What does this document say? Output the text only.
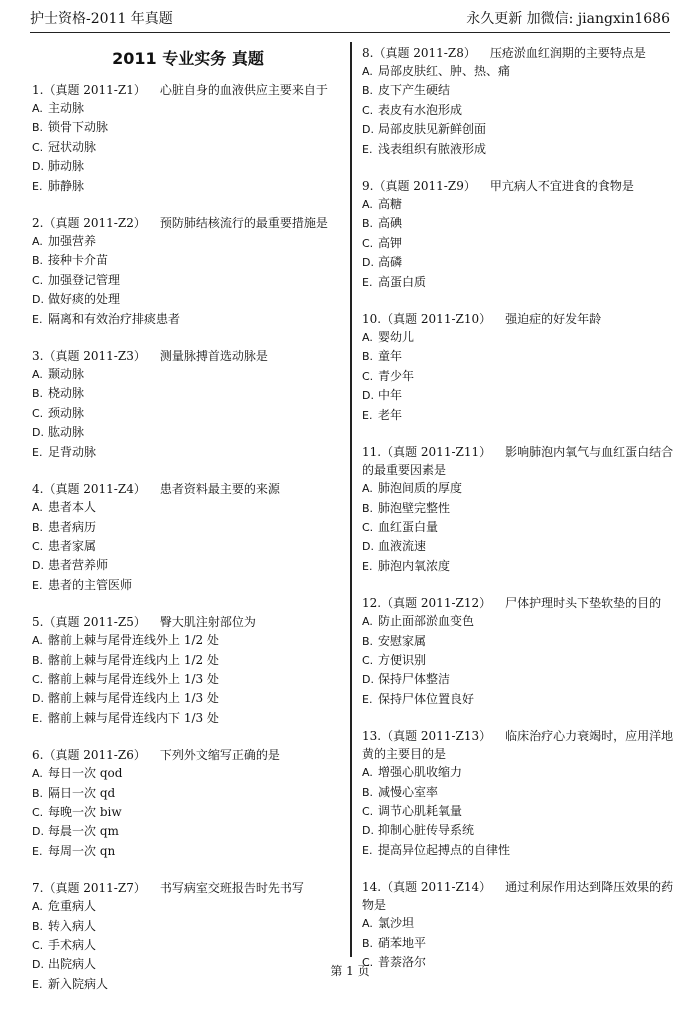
护士资格-2011 年真题	永久更新 加微信: jiangxin1686
2011 专业实务 真题
1.（真题 2011-Z1） 心脏自身的血液供应主要来自于
A. 主动脉
B. 锁骨下动脉
C. 冠状动脉
D. 肺动脉
E. 肺静脉
2.（真题 2011-Z2） 预防肺结核流行的最重要措施是
A. 加强营养
B. 接种卡介苗
C. 加强登记管理
D. 做好痰的处理
E. 隔离和有效治疗排痰患者
3.（真题 2011-Z3） 测量脉搏首选动脉是
A. 颞动脉
B. 桡动脉
C. 颈动脉
D. 肱动脉
E. 足背动脉
4.（真题 2011-Z4） 患者资料最主要的来源
A. 患者本人
B. 患者病历
C. 患者家属
D. 患者营养师
E. 患者的主管医师
5.（真题 2011-Z5） 臀大肌注射部位为
A. 髂前上棘与尾骨连线外上 1/2 处
B. 髂前上棘与尾骨连线内上 1/2 处
C. 髂前上棘与尾骨连线外上 1/3 处
D. 髂前上棘与尾骨连线内上 1/3 处
E. 髂前上棘与尾骨连线内下 1/3 处
6.（真题 2011-Z6） 下列外文缩写正确的是
A. 每日一次 qod
B. 隔日一次 qd
C. 每晚一次 biw
D. 每晨一次 qm
E. 每周一次 qn
7.（真题 2011-Z7） 书写病室交班报告时先书写
A. 危重病人
B. 转入病人
C. 手术病人
D. 出院病人
E. 新入院病人
8.（真题 2011-Z8） 压疮淤血红润期的主要特点是
A. 局部皮肤红、肿、热、痛
B. 皮下产生硬结
C. 表皮有水泡形成
D. 局部皮肤见新鲜创面
E. 浅表组织有脓液形成
9.（真题 2011-Z9） 甲亢病人不宜进食的食物是
A. 高糖
B. 高碘
C. 高钾
D. 高磷
E. 高蛋白质
10.（真题 2011-Z10） 强迫症的好发年龄
A. 婴幼儿
B. 童年
C. 青少年
D. 中年
E. 老年
11.（真题 2011-Z11） 影响肺泡内氧气与血红蛋白结合
的最重要因素是
A. 肺泡间质的厚度
B. 肺泡壁完整性
C. 血红蛋白量
D. 血液流速
E. 肺泡内氧浓度
12.（真题 2011-Z12） 尸体护理时头下垫软垫的目的
A. 防止面部淤血变色
B. 安慰家属
C. 方便识别
D. 保持尸体整洁
E. 保持尸体位置良好
13.（真题 2011-Z13） 临床治疗心力衰竭时，应用洋地
黄的主要目的是
A. 增强心肌收缩力
B. 减慢心室率
C. 调节心肌耗氧量
D. 抑制心脏传导系统
E. 提高异位起搏点的自律性
14.（真题 2011-Z14） 通过利尿作用达到降压效果的药
物是
A. 氯沙坦
B. 硝苯地平
C. 普萘洛尔
第 1 页
